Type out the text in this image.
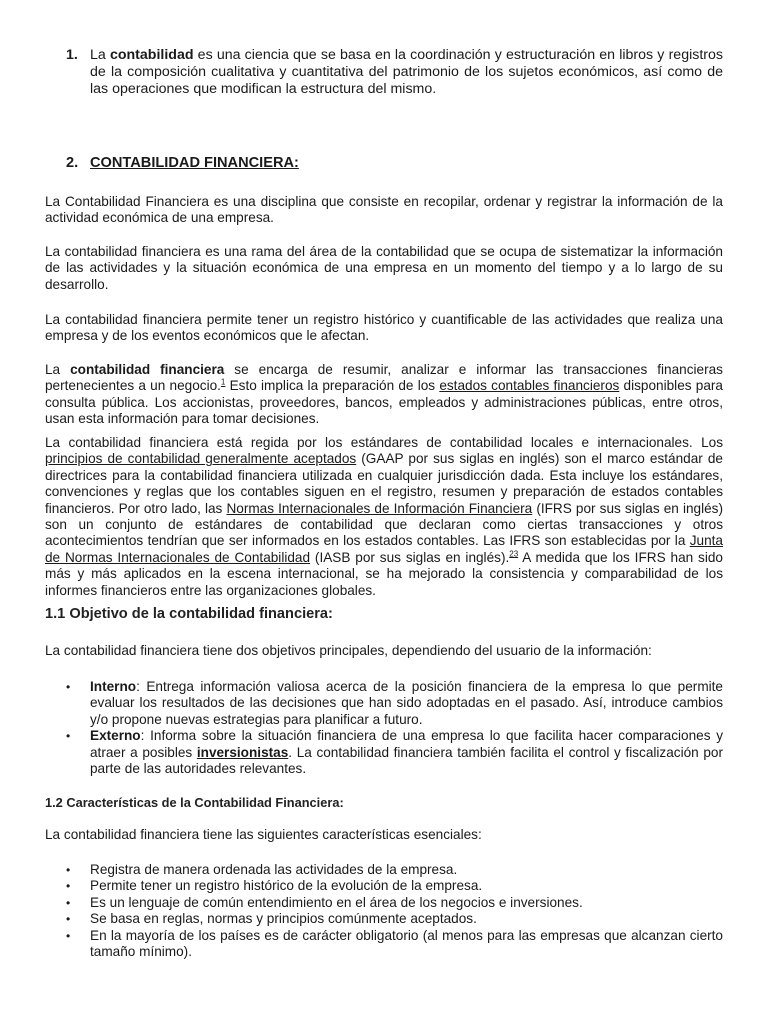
1. La contabilidad es una ciencia que se basa en la coordinación y estructuración en libros y registros de la composición cualitativa y cuantitativa del patrimonio de los sujetos económicos, así como de las operaciones que modifican la estructura del mismo.
2. CONTABILIDAD FINANCIERA:

La Contabilidad Financiera es una disciplina que consiste en recopilar, ordenar y registrar la información de la actividad económica de una empresa.

La contabilidad financiera es una rama del área de la contabilidad que se ocupa de sistematizar la información de las actividades y la situación económica de una empresa en un momento del tiempo y a lo largo de su desarrollo.

La contabilidad financiera permite tener un registro histórico y cuantificable de las actividades que realiza una empresa y de los eventos económicos que le afectan.

La contabilidad financiera se encarga de resumir, analizar e informar las transacciones financieras pertenecientes a un negocio.$^1$ Esto implica la preparación de los estados contables financieros disponibles para consulta pública. Los accionistas, proveedores, bancos, empleados y administraciones públicas, entre otros, usan esta información para tomar decisiones.

La contabilidad financiera está regida por los estándares de contabilidad locales e internacionales. Los principios de contabilidad generalmente aceptados (GAAP por sus siglas en inglés) son el marco estándar de directrices para la contabilidad financiera utilizada en cualquier jurisdicción dada. Esta incluye los estándares, convenciones y reglas que los contables siguen en el registro, resumen y preparación de estados contables financieros. Por otro lado, las Normas Internacionales de Información Financiera (IFRS por sus siglas en inglés) son un conjunto de estándares de contabilidad que declaran como ciertas transacciones y otros acontecimientos tendrían que ser informados en los estados contables. Las IFRS son establecidas por la Junta de Normas Internacionales de Contabilidad (IASB por sus siglas en inglés).$^{23}$ A medida que los IFRS han sido más y más aplicados en la escena internacional, se ha mejorado la consistencia y comparabilidad de los informes financieros entre las organizaciones globales.

1.1 Objetivo de la contabilidad financiera:

La contabilidad financiera tiene dos objetivos principales, dependiendo del usuario de la información:

• Interno: Entrega información valiosa acerca de la posición financiera de la empresa lo que permite evaluar los resultados de las decisiones que han sido adoptadas en el pasado. Así, introduce cambios y/o propone nuevas estrategias para planificar a futuro.
• Externo: Informa sobre la situación financiera de una empresa lo que facilita hacer comparaciones y atraer a posibles inversionistas. La contabilidad financiera también facilita el control y fiscalización por parte de las autoridades relevantes.
1.2 Características de la Contabilidad Financiera:

La contabilidad financiera tiene las siguientes características esenciales:

• Registra de manera ordenada las actividades de la empresa.
• Permite tener un registro histórico de la evolución de la empresa.
• Es un lenguaje de común entendimiento en el área de los negocios e inversiones.
• Se basa en reglas, normas y principios comúnmente aceptados.
• En la mayoría de los países es de carácter obligatorio (al menos para las empresas que alcanzan cierto tamaño mínimo).
